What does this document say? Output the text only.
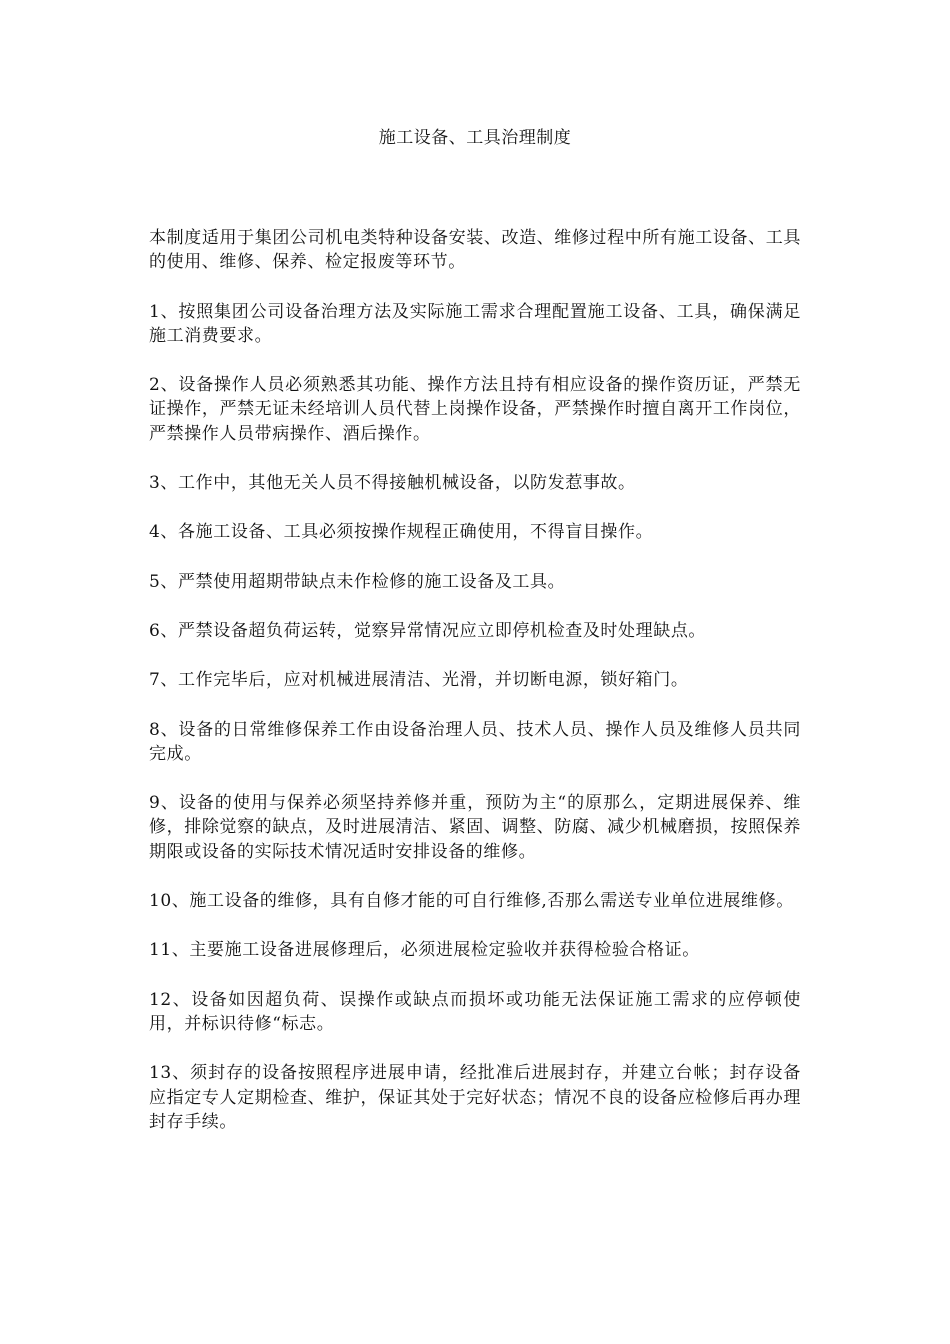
施工设备、工具治理制度

本制度适用于集团公司机电类特种设备安装、改造、维修过程中所有施工设备、工具的使用、维修、保养、检定报废等环节。

1、按照集团公司设备治理方法及实际施工需求合理配置施工设备、工具，确保满足施工消费要求。

2、设备操作人员必须熟悉其功能、操作方法且持有相应设备的操作资历证，严禁无证操作，严禁无证未经培训人员代替上岗操作设备，严禁操作时擅自离开工作岗位，严禁操作人员带病操作、酒后操作。

3、工作中，其他无关人员不得接触机械设备，以防发惹事故。

4、各施工设备、工具必须按操作规程正确使用，不得盲目操作。

5、严禁使用超期带缺点未作检修的施工设备及工具。

6、严禁设备超负荷运转，觉察异常情况应立即停机检查及时处理缺点。

7、工作完毕后，应对机械进展清洁、光滑，并切断电源，锁好箱门。

8、设备的日常维修保养工作由设备治理人员、技术人员、操作人员及维修人员共同完成。

9、设备的使用与保养必须坚持养修并重，预防为主“的原那么，定期进展保养、维修，排除觉察的缺点，及时进展清洁、紧固、调整、防腐、减少机械磨损，按照保养期限或设备的实际技术情况适时安排设备的维修。

10、施工设备的维修，具有自修才能的可自行维修,否那么需送专业单位进展维修。

11、主要施工设备进展修理后，必须进展检定验收并获得检验合格证。

12、设备如因超负荷、误操作或缺点而损坏或功能无法保证施工需求的应停顿使用，并标识待修“标志。

13、须封存的设备按照程序进展申请，经批准后进展封存，并建立台帐；封存设备应指定专人定期检查、维护，保证其处于完好状态；情况不良的设备应检修后再办理封存手续。
